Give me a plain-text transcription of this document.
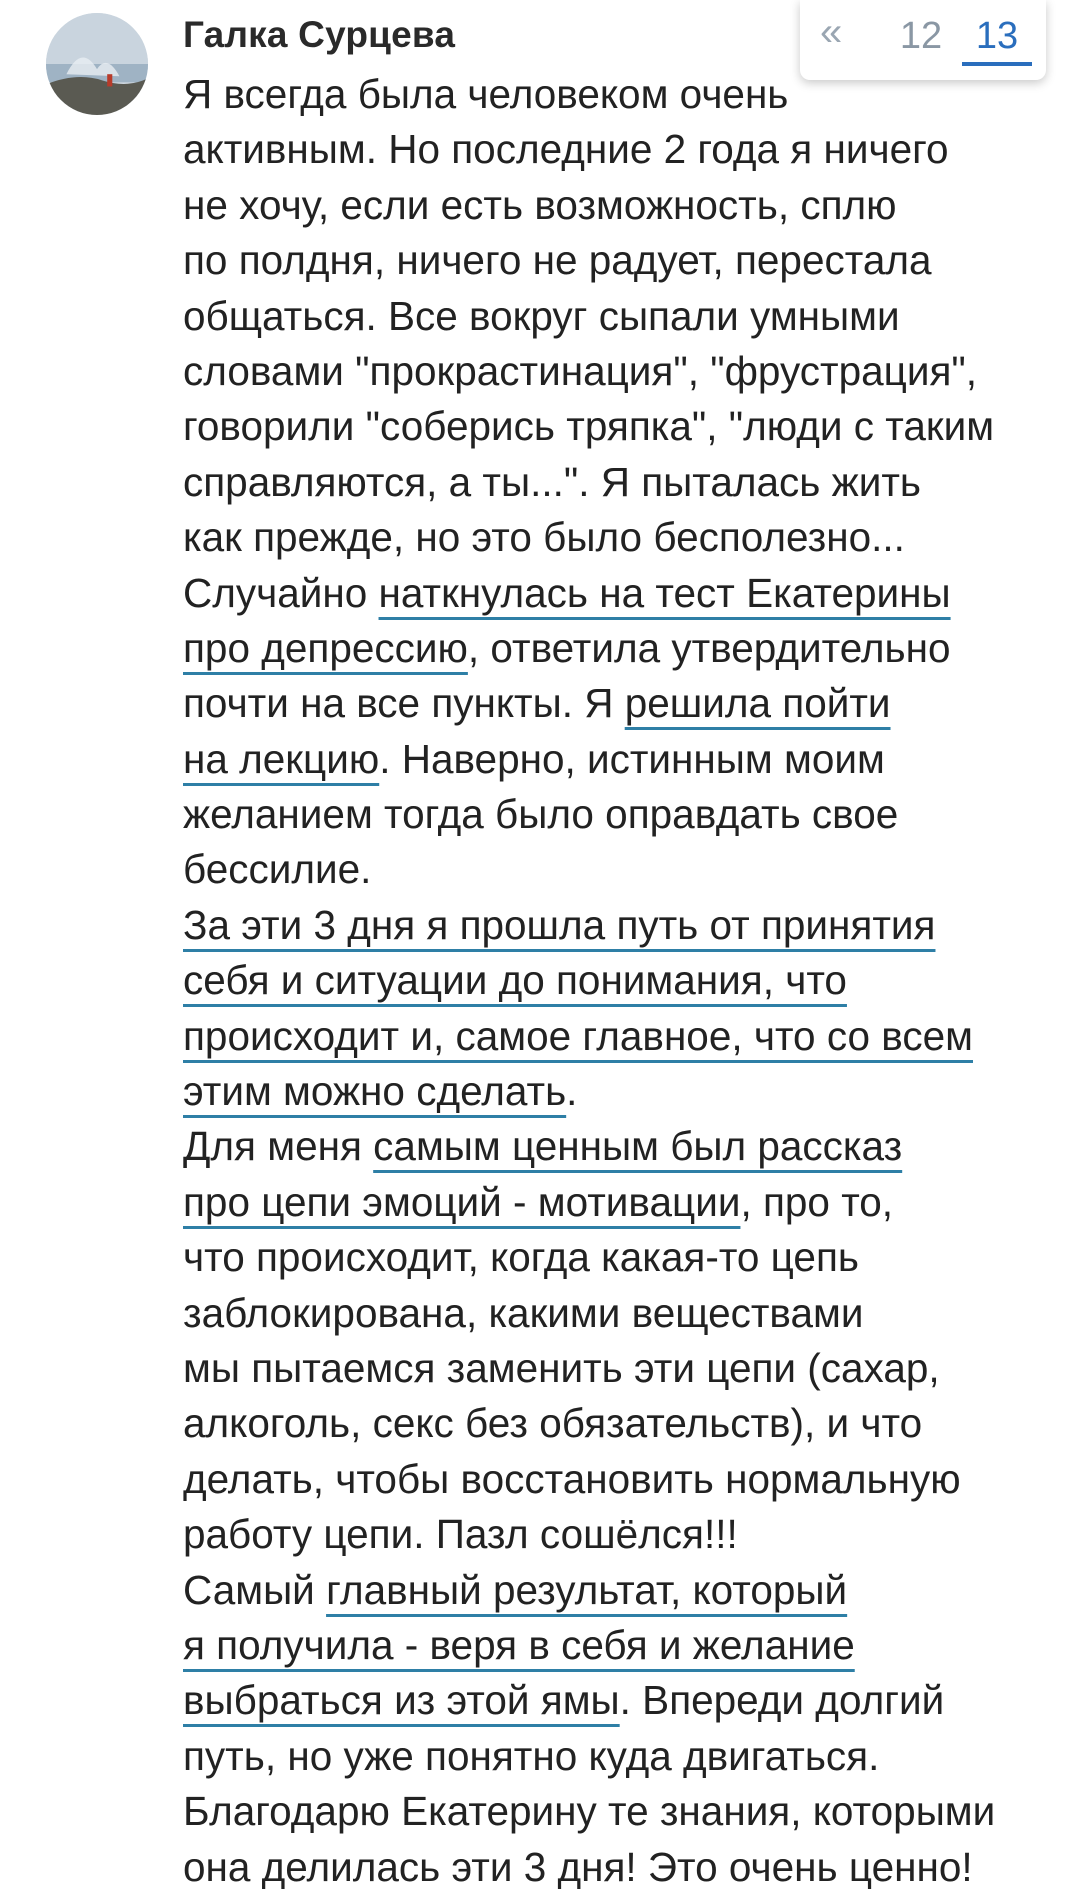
Галка Сурцева	«	12 13
Я всегда была человеком очень
активным. Но последние 2 года я ничего
не хочу, если есть возможность, сплю
по полдня, ничего не радует, перестала
общаться. Все вокруг сыпали умными
словами "прокрастинация", "фрустрация",
говорили "соберись тряпка", "люди с таким
справляются, а ты...". Я пыталась жить
как прежде, но это было бесполезно...
Случайно наткнулась на тест Екатерины
про депрессию, ответила утвердительно
почти на все пункты. Я решила пойти
на лекцию. Наверно, истинным моим
желанием тогда было оправдать свое
бессилие.
За эти 3 дня я прошла путь от принятия
себя и ситуации до понимания, что
происходит и, самое главное, что со всем
этим можно сделать.
Для меня самым ценным был рассказ
про цепи эмоций - мотивации, про то,
что происходит, когда какая-то цепь
заблокирована, какими веществами
мы пытаемся заменить эти цепи (сахар,
алкоголь, секс без обязательств), и что
делать, чтобы восстановить нормальную
работу цепи. Пазл сошёлся!!!
Самый главный результат, который
я получила - веря в себя и желание
выбраться из этой ямы. Впереди долгий
путь, но уже понятно куда двигаться.
Благодарю Екатерину те знания, которыми
она делилась эти 3 дня! Это очень ценно!
